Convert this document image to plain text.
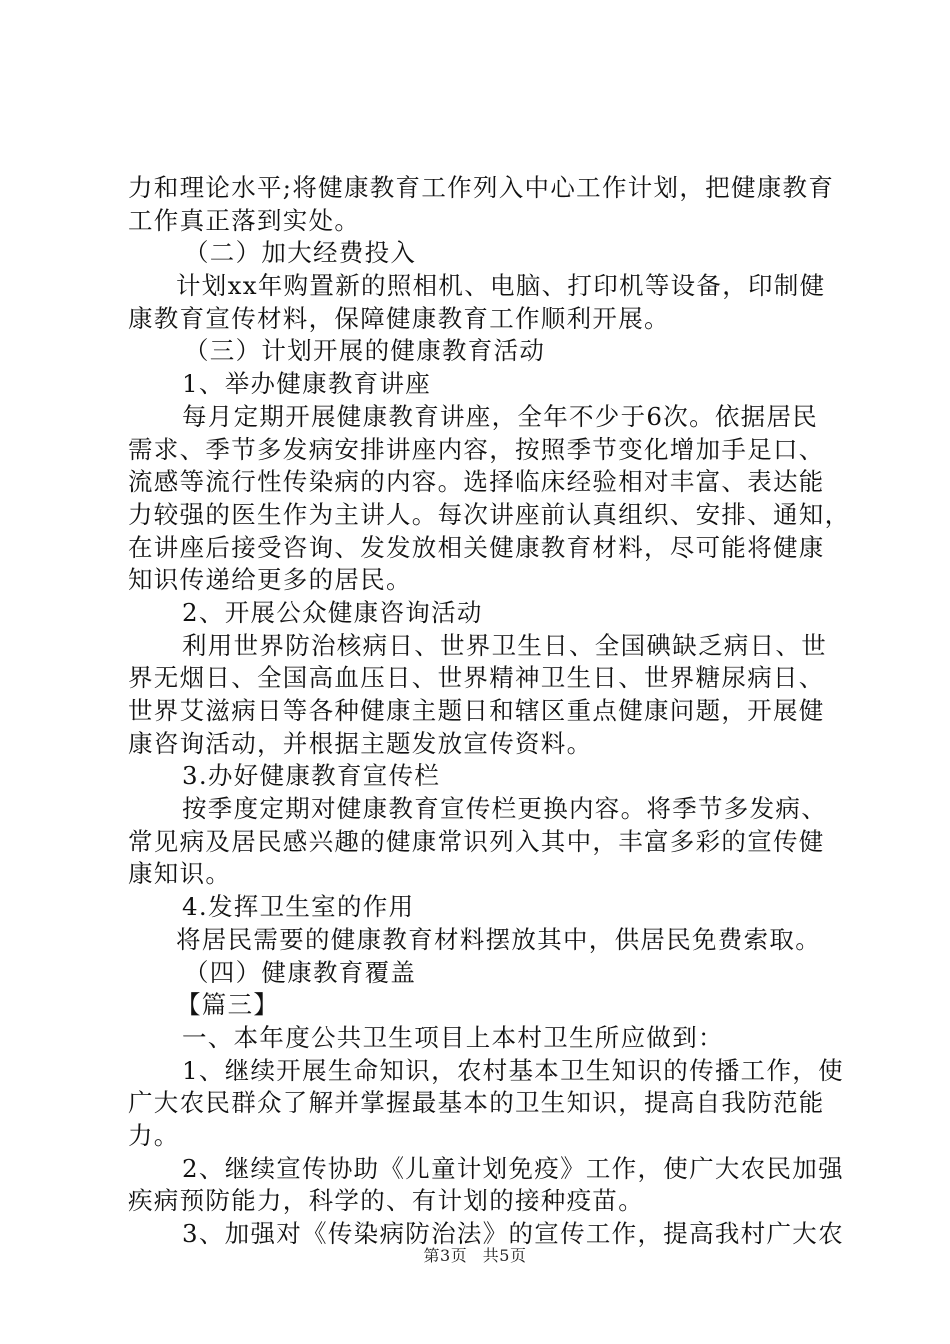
力和理论水平;将健康教育工作列入中心工作计划，把健康教育
工作真正落到实处。
（二）加大经费投入
计划xx年购置新的照相机、电脑、打印机等设备，印制健
康教育宣传材料，保障健康教育工作顺利开展。
（三）计划开展的健康教育活动
1、举办健康教育讲座
每月定期开展健康教育讲座，全年不少于6次。依据居民
需求、季节多发病安排讲座内容，按照季节变化增加手足口、
流感等流行性传染病的内容。选择临床经验相对丰富、表达能
力较强的医生作为主讲人。每次讲座前认真组织、安排、通知，
在讲座后接受咨询、发发放相关健康教育材料，尽可能将健康
知识传递给更多的居民。
2、开展公众健康咨询活动
利用世界防治核病日、世界卫生日、全国碘缺乏病日、世
界无烟日、全国高血压日、世界精神卫生日、世界糖尿病日、
世界艾滋病日等各种健康主题日和辖区重点健康问题，开展健
康咨询活动，并根据主题发放宣传资料。
3.办好健康教育宣传栏
按季度定期对健康教育宣传栏更换内容。将季节多发病、
常见病及居民感兴趣的健康常识列入其中，丰富多彩的宣传健
康知识。
4.发挥卫生室的作用
将居民需要的健康教育材料摆放其中，供居民免费索取。
（四）健康教育覆盖
【篇三】
一、本年度公共卫生项目上本村卫生所应做到：
1、继续开展生命知识，农村基本卫生知识的传播工作，使
广大农民群众了解并掌握最基本的卫生知识，提高自我防范能
力。
2、继续宣传协助《儿童计划免疫》工作，使广大农民加强
疾病预防能力，科学的、有计划的接种疫苗。
3、加强对《传染病防治法》的宣传工作，提高我村广大农
第3页 共5页
